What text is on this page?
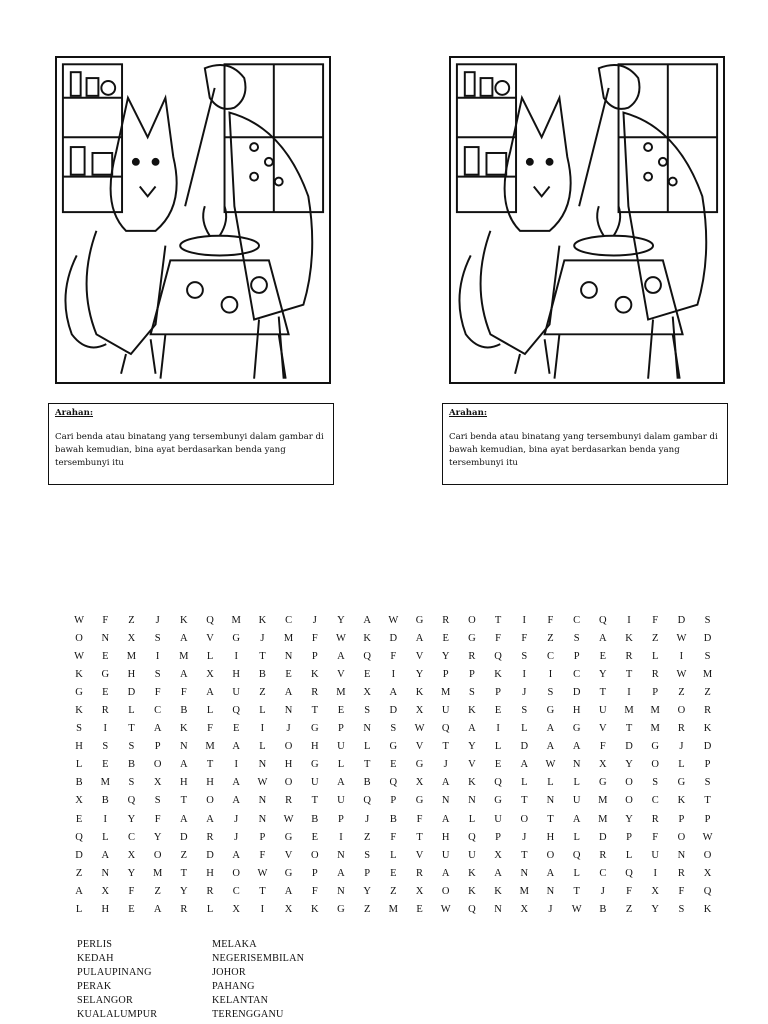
Arahan:
Cari benda atau binatang yang tersembunyi dalam gambar di bawah kemudian, bina ayat berdasarkan benda yang tersembunyi itu
Arahan:
Cari benda atau binatang yang tersembunyi dalam gambar di bawah kemudian, bina ayat berdasarkan benda yang tersembunyi itu
W	F	Z	J	K	Q	M	K	C	J	Y	A	W	G	R	O	T	I	F	C	Q	I	F	D	S
O	N	X	S	A	V	G	J	M	F	W	K	D	A	E	G	F	F	Z	S	A	K	Z	W	D
W	E	M	I	M	L	I	T	N	P	A	Q	F	V	Y	R	Q	S	C	P	E	R	L	I	S
K	G	H	S	A	X	H	B	E	K	V	E	I	Y	P	P	K	I	I	C	Y	T	R	W	M
G	E	D	F	F	A	U	Z	A	R	M	X	A	K	M	S	P	J	S	D	T	I	P	Z	Z
K	R	L	C	B	L	Q	L	N	T	E	S	D	X	U	K	E	S	G	H	U	M	M	O	R
S	I	T	A	K	F	E	I	J	G	P	N	S	W	Q	A	I	L	A	G	V	T	M	R	K
H	S	S	P	N	M	A	L	O	H	U	L	G	V	T	Y	L	D	A	A	F	D	G	J	D
L	E	B	O	A	T	I	N	H	G	L	T	E	G	J	V	E	A	W	N	X	Y	O	L	P
B	M	S	X	H	H	A	W	O	U	A	B	Q	X	A	K	Q	L	L	L	G	O	S	G	S
X	B	Q	S	T	O	A	N	R	T	U	Q	P	G	N	N	G	T	N	U	M	O	C	K	T
E	I	Y	F	A	A	J	N	W	B	P	J	B	F	A	L	U	O	T	A	M	Y	R	P	P
Q	L	C	Y	D	R	J	P	G	E	I	Z	F	T	H	Q	P	J	H	L	D	P	F	O	W
D	A	X	O	Z	D	A	F	V	O	N	S	L	V	U	U	X	T	O	Q	R	L	U	N	O
Z	N	Y	M	T	H	O	W	G	P	A	P	E	R	A	K	A	N	A	L	C	Q	I	R	X
A	X	F	Z	Y	R	C	T	A	F	N	Y	Z	X	O	K	K	M	N	T	J	F	X	F	Q
L	H	E	A	R	L	X	I	X	K	G	Z	M	E	W	Q	N	X	J	W	B	Z	Y	S	K
PERLIS
KEDAH
PULAUPINANG
PERAK
SELANGOR
KUALALUMPUR
MELAKA
NEGERISEMBILAN
JOHOR
PAHANG
KELANTAN
TERENGGANU
